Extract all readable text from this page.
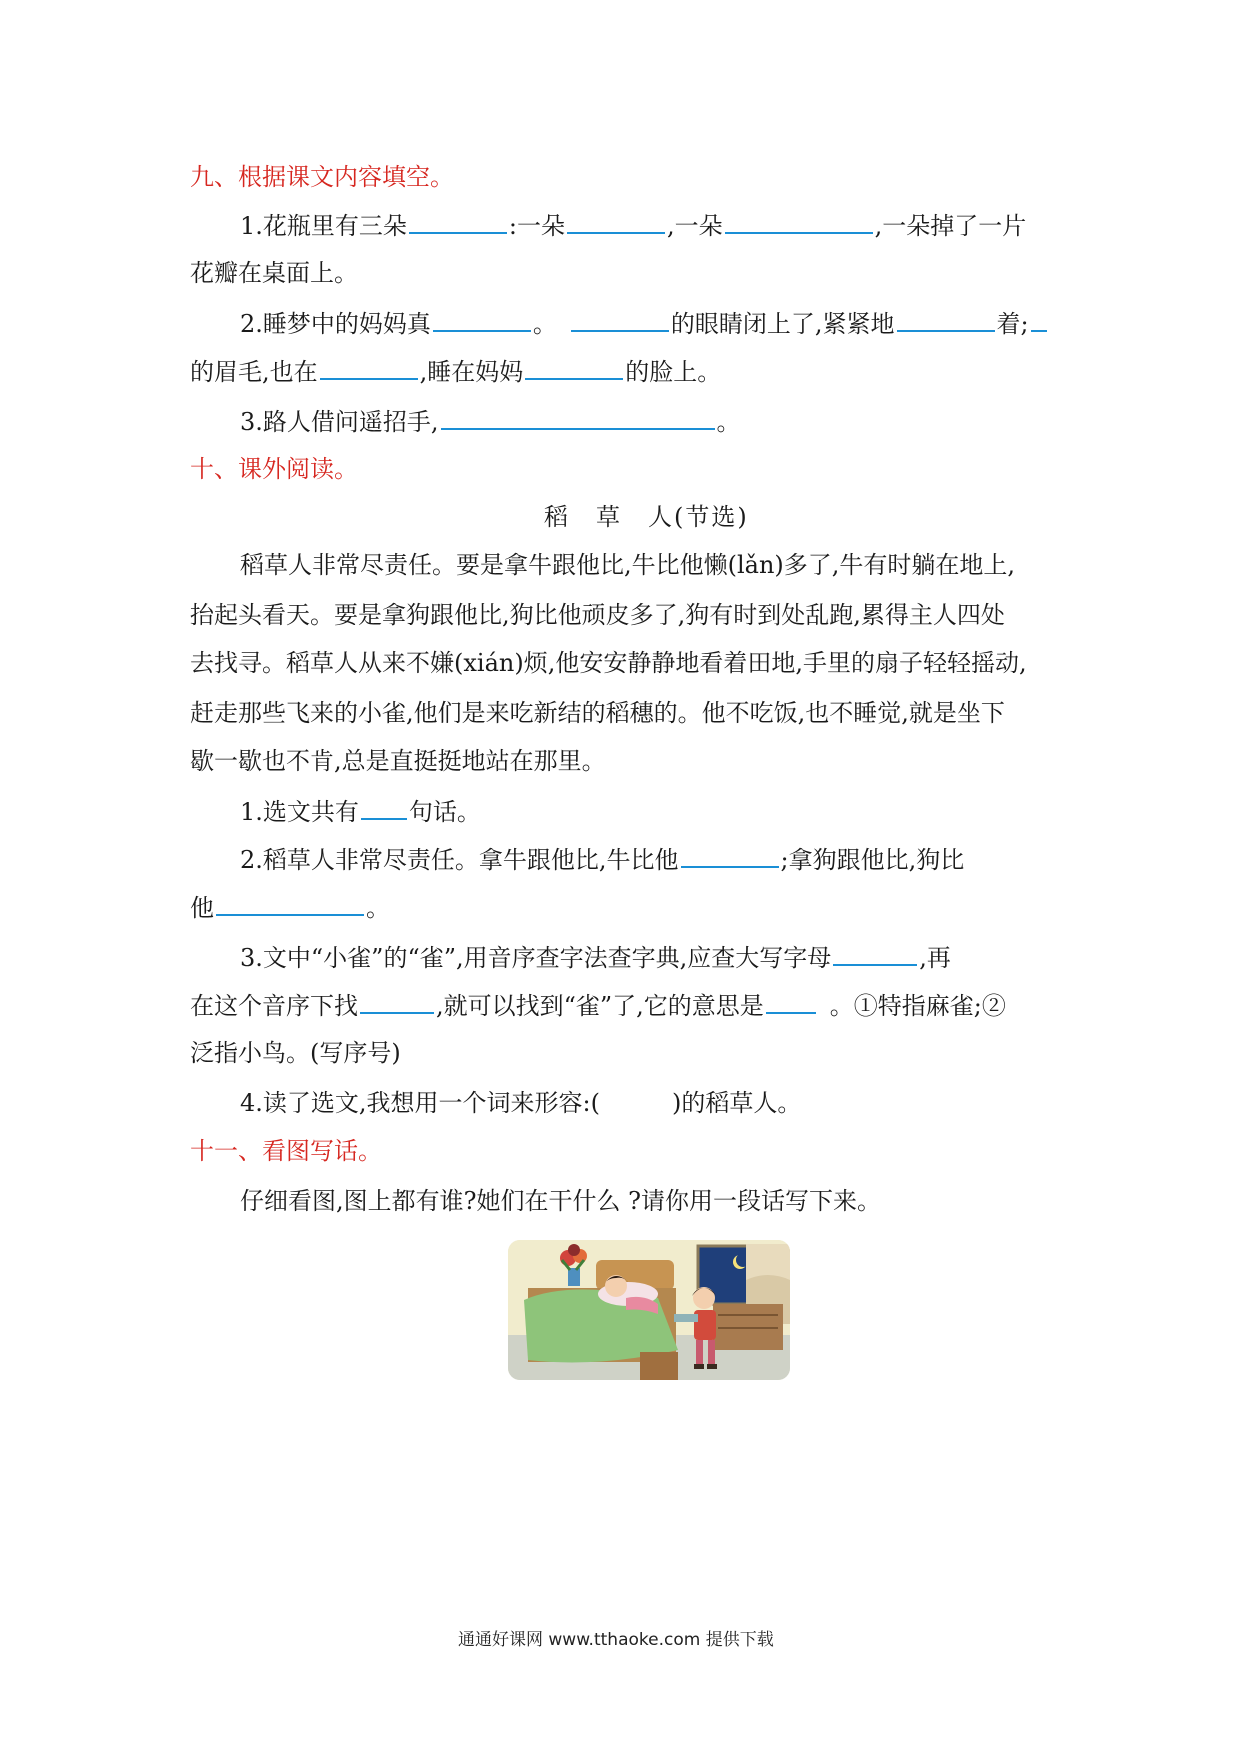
九、根据课文内容填空。
1.花瓶里有三朵	:一朵	,一朵	,一朵掉了一片
花瓣在桌面上。
2.睡梦中的妈妈真	。	的眼睛闭上了,紧紧地	着;
的眉毛,也在	,睡在妈妈	的脸上。
3.路人借问遥招手,	。
十、课外阅读。
稻　草　人(节选)
稻草人非常尽责任。要是拿牛跟他比,牛比他懒(lǎn)多了,牛有时躺在地上,
抬起头看天。要是拿狗跟他比,狗比他顽皮多了,狗有时到处乱跑,累得主人四处
去找寻。稻草人从来不嫌(xián)烦,他安安静静地看着田地,手里的扇子轻轻摇动,
赶走那些飞来的小雀,他们是来吃新结的稻穗的。他不吃饭,也不睡觉,就是坐下
歇一歇也不肯,总是直挺挺地站在那里。
1.选文共有 句话。
2.稻草人非常尽责任。拿牛跟他比,牛比他	;拿狗跟他比,狗比
他	。
3.文中“小雀”的“雀”,用音序查字法查字典,应查大写字母	,再
在这个音序下找	,就可以找到“雀”了,它的意思是	。①特指麻雀;②
泛指小鸟。(写序号)
4.读了选文,我想用一个词来形容:(	)的稻草人。
十一、看图写话。
仔细看图,图上都有谁?她们在干什么 ?请你用一段话写下来。
通通好课网 www.tthaoke.com 提供下载
